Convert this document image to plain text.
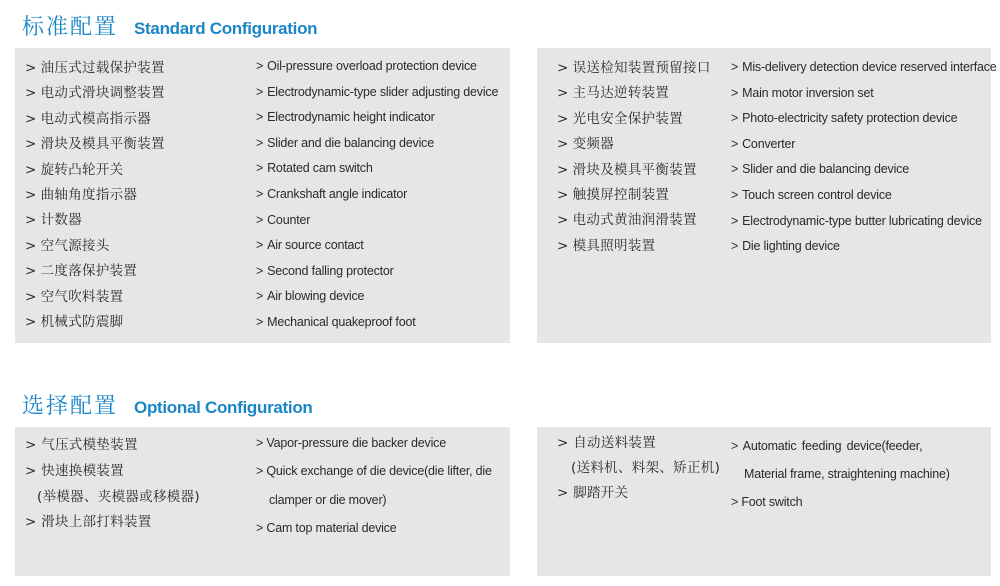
标准配置 Standard Configuration
> 油压式过载保护装置
> 电动式滑块调整装置
> 电动式模高指示器
> 滑块及模具平衡装置
> 旋转凸轮开关
> 曲轴角度指示器
> 计数器
> 空气源接头
> 二度落保护装置
> 空气吹料装置
> 机械式防震脚
> Oil-pressure overload protection device
> Electrodynamic-type slider adjusting device
> Electrodynamic height indicator
> Slider and die balancing device
> Rotated cam switch
> Crankshaft angle indicator
> Counter
> Air source contact
> Second falling protector
> Air blowing device
> Mechanical quakeproof foot
> 误送检知装置预留接口
> 主马达逆转装置
> 光电安全保护装置
> 变频器
> 滑块及模具平衡装置
> 触摸屏控制装置
> 电动式黄油润滑装置
> 模具照明装置
> Mis-delivery detection device reserved interface
> Main motor inversion set
> Photo-electricity safety protection device
> Converter
> Slider and die balancing device
> Touch screen control device
> Electrodynamic-type butter lubricating device
> Die lighting device
选择配置 Optional Configuration
> 气压式模垫装置
> 快速换模装置
(举模器、夹模器或移模器)
> 滑块上部打料装置
> Vapor-pressure die backer device
> Quick exchange of die device(die lifter, die
clamper or die mover)
> Cam top material device
> 自动送料装置
(送料机、料架、矫正机)
> 脚踏开关
> Automatic feeding device(feeder,
Material frame, straightening machine)
> Foot switch
